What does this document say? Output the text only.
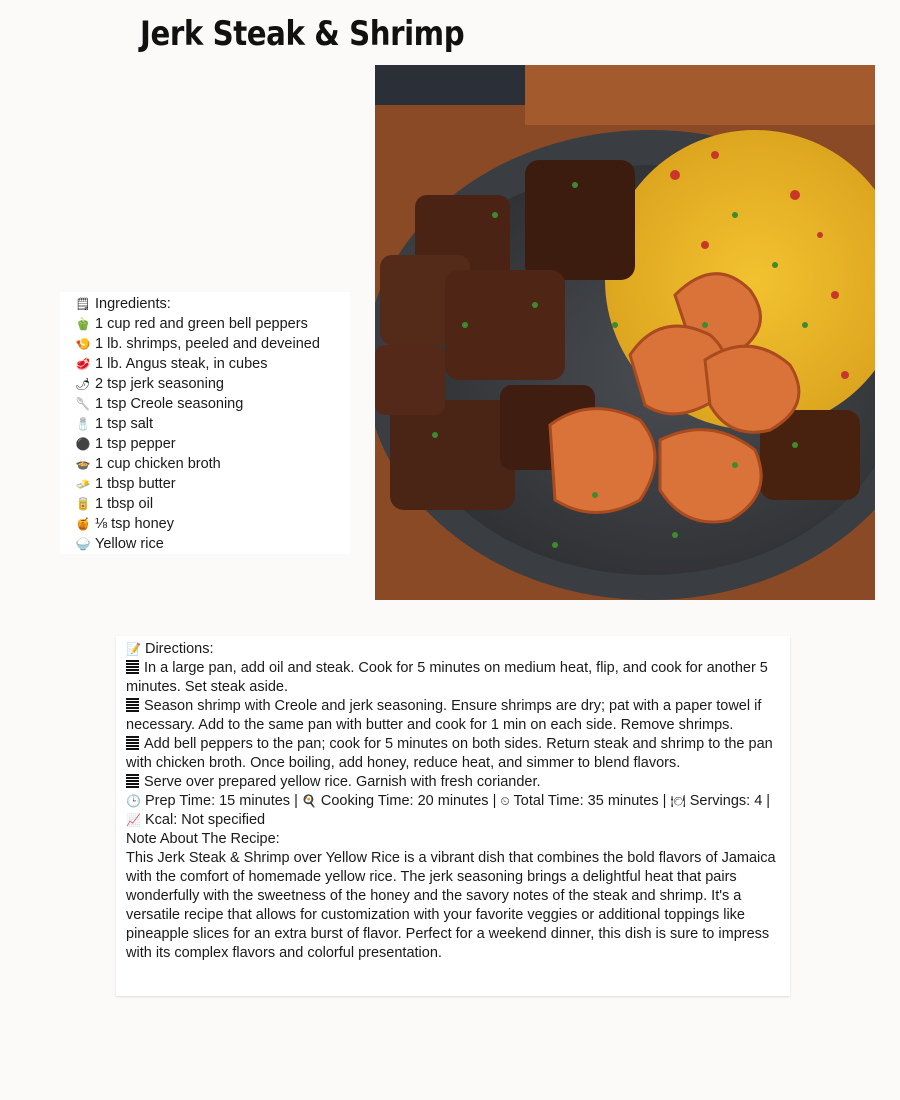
Jerk Steak & Shrimp
🗒 Ingredients:
🫑 1 cup red and green bell peppers
🍤 1 lb. shrimps, peeled and deveined
🥩 1 lb. Angus steak, in cubes
🌶 2 tsp jerk seasoning
🥄 1 tsp Creole seasoning
🧂 1 tsp salt
⚫ 1 tsp pepper
🍲 1 cup chicken broth
🧈 1 tbsp butter
🥫 1 tbsp oil
🍯 ⅛ tsp honey
🍚 Yellow rice

📝 Directions:

In a large pan, add oil and steak. Cook for 5 minutes on medium heat, flip, and cook for another 5 minutes. Set steak aside.

Season shrimp with Creole and jerk seasoning. Ensure shrimps are dry; pat with a paper towel if necessary. Add to the same pan with butter and cook for 1 min on each side. Remove shrimps.

Add bell peppers to the pan; cook for 5 minutes on both sides. Return steak and shrimp to the pan with chicken broth. Once boiling, add honey, reduce heat, and simmer to blend flavors.

Serve over prepared yellow rice. Garnish with fresh coriander.

🕒 Prep Time: 15 minutes | 🍳 Cooking Time: 20 minutes | ⏲ Total Time: 35 minutes | 🍽 Servings: 4 | 📈 Kcal: Not specified

Note About The Recipe:

This Jerk Steak & Shrimp over Yellow Rice is a vibrant dish that combines the bold flavors of Jamaica with the comfort of homemade yellow rice. The jerk seasoning brings a delightful heat that pairs wonderfully with the sweetness of the honey and the savory notes of the steak and shrimp. It's a versatile recipe that allows for customization with your favorite veggies or additional toppings like pineapple slices for an extra burst of flavor. Perfect for a weekend dinner, this dish is sure to impress with its complex flavors and colorful presentation.
